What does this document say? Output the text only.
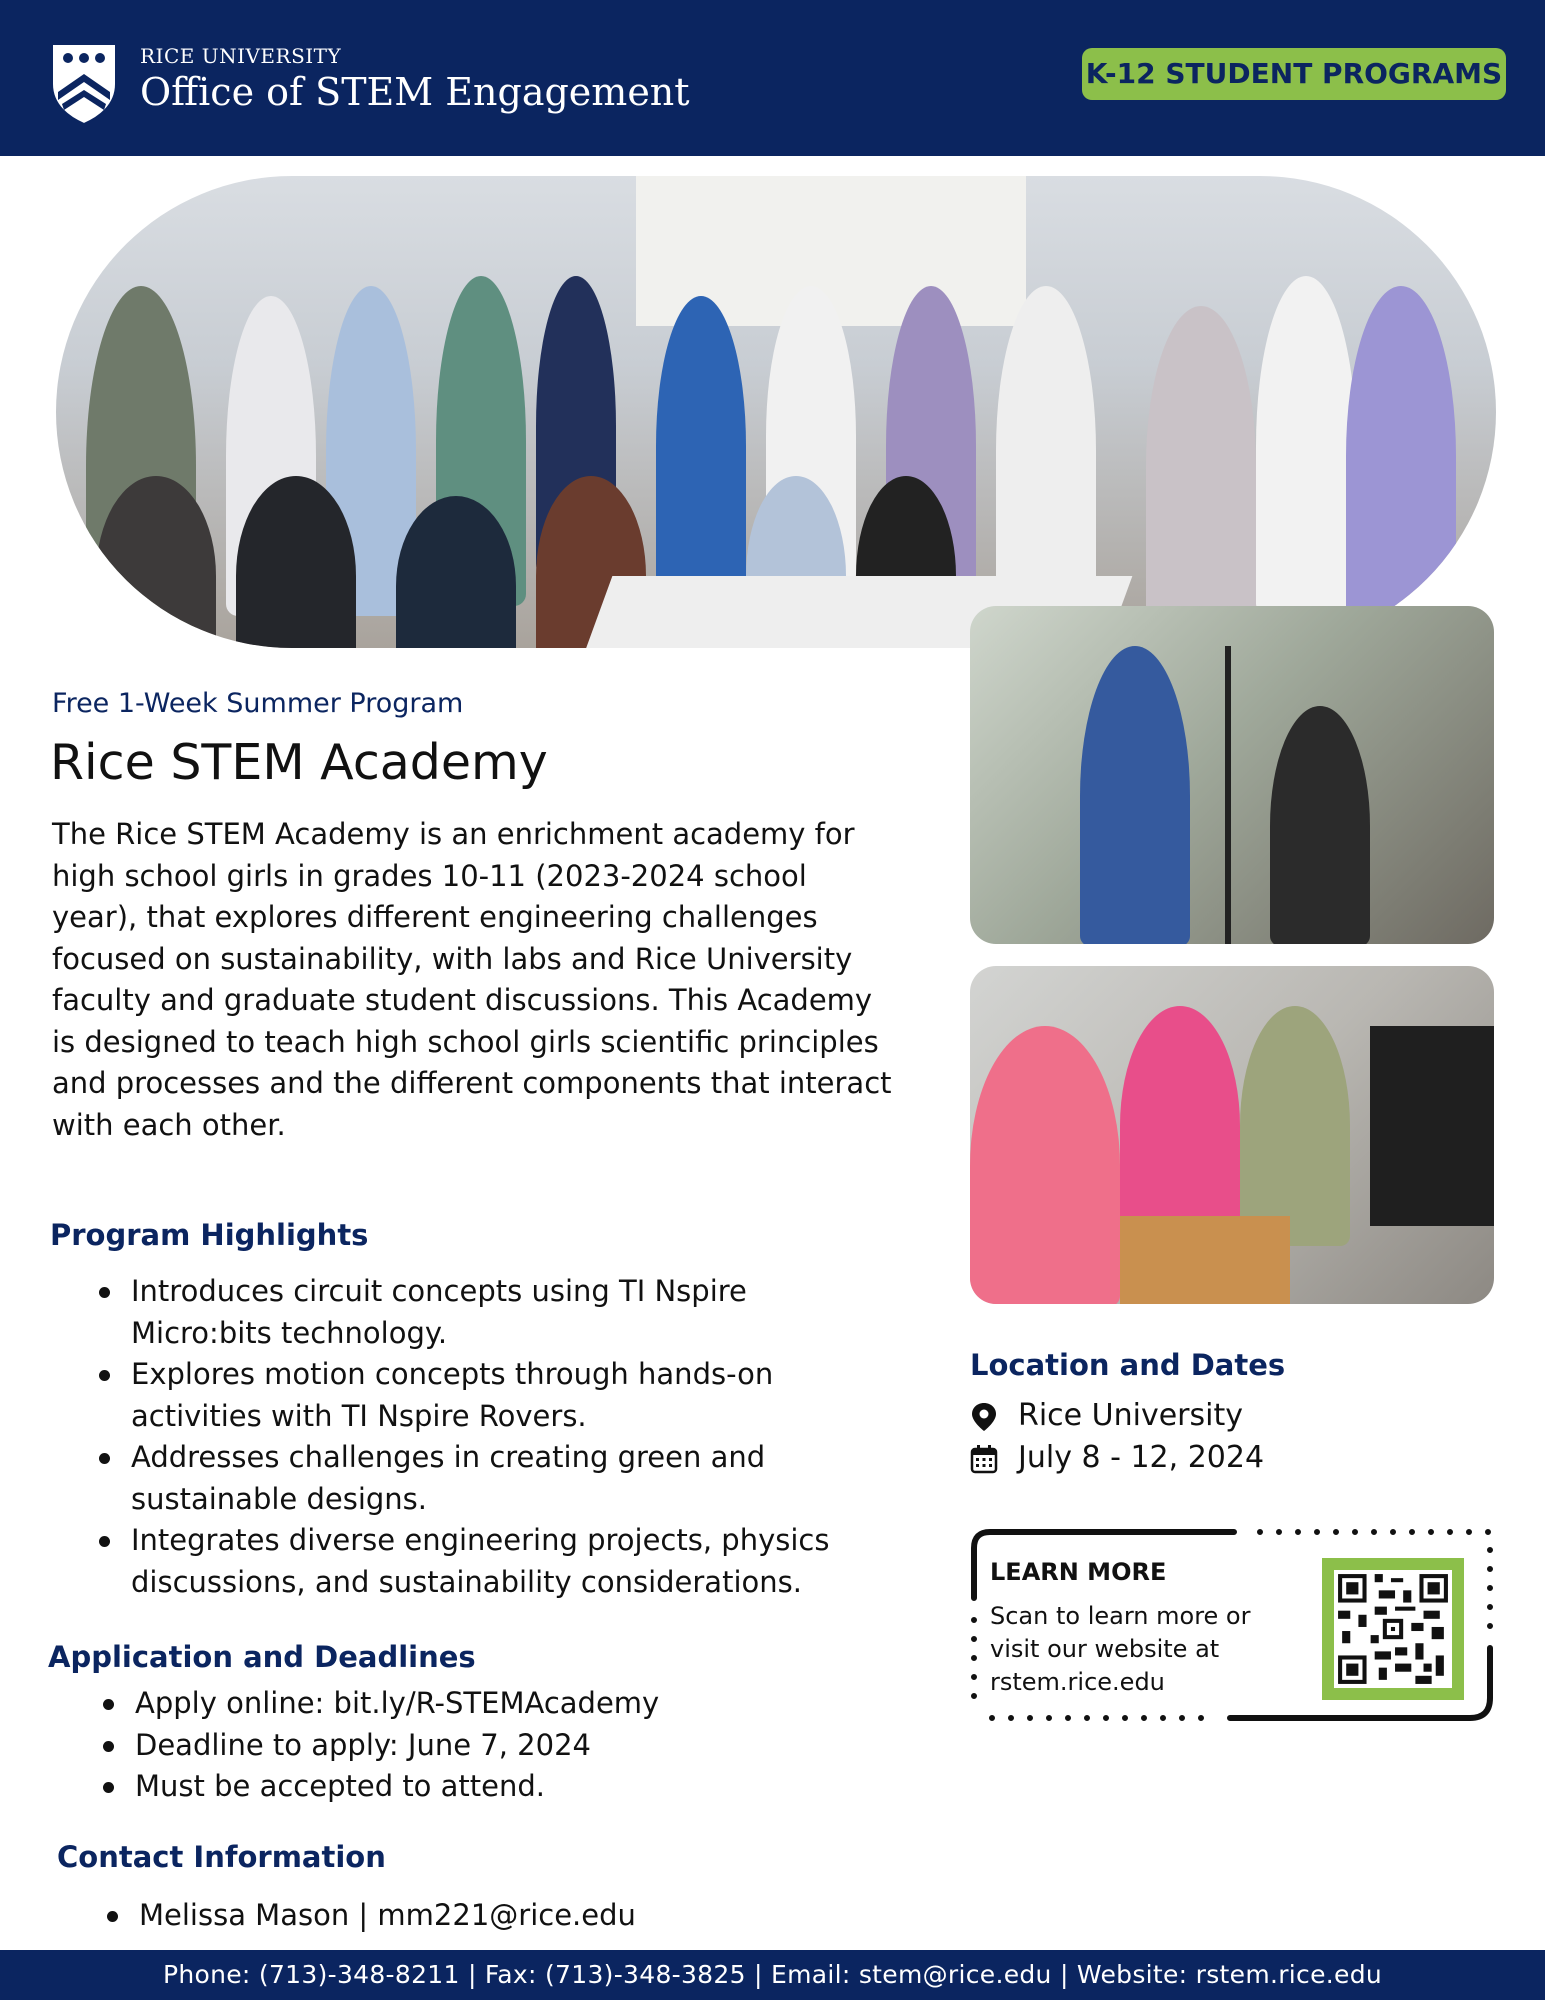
RICE UNIVERSITY
Office of STEM Engagement	K-12 STUDENT PROGRAMS
Free 1-Week Summer Program
Rice STEM Academy
The Rice STEM Academy is an enrichment academy for high school girls in grades 10-11 (2023-2024 school year), that explores different engineering challenges focused on sustainability, with labs and Rice University faculty and graduate student discussions. This Academy is designed to teach high school girls scientific principles and processes and the different components that interact with each other.
Program Highlights
Introduces circuit concepts using TI Nspire Micro:bits technology.
Explores motion concepts through hands-on activities with TI Nspire Rovers.
Addresses challenges in creating green and sustainable designs.
Integrates diverse engineering projects, physics discussions, and sustainability considerations.
Application and Deadlines
Apply online: bit.ly/R-STEMAcademy
Deadline to apply: June 7, 2024
Must be accepted to attend.
Contact Information
Melissa Mason | mm221@rice.edu
Location and Dates
Rice University
July 8 - 12, 2024
LEARN MORE
Scan to learn more or visit our website at rstem.rice.edu
Phone: (713)-348-8211 | Fax: (713)-348-3825 | Email: stem@rice.edu | Website: rstem.rice.edu
